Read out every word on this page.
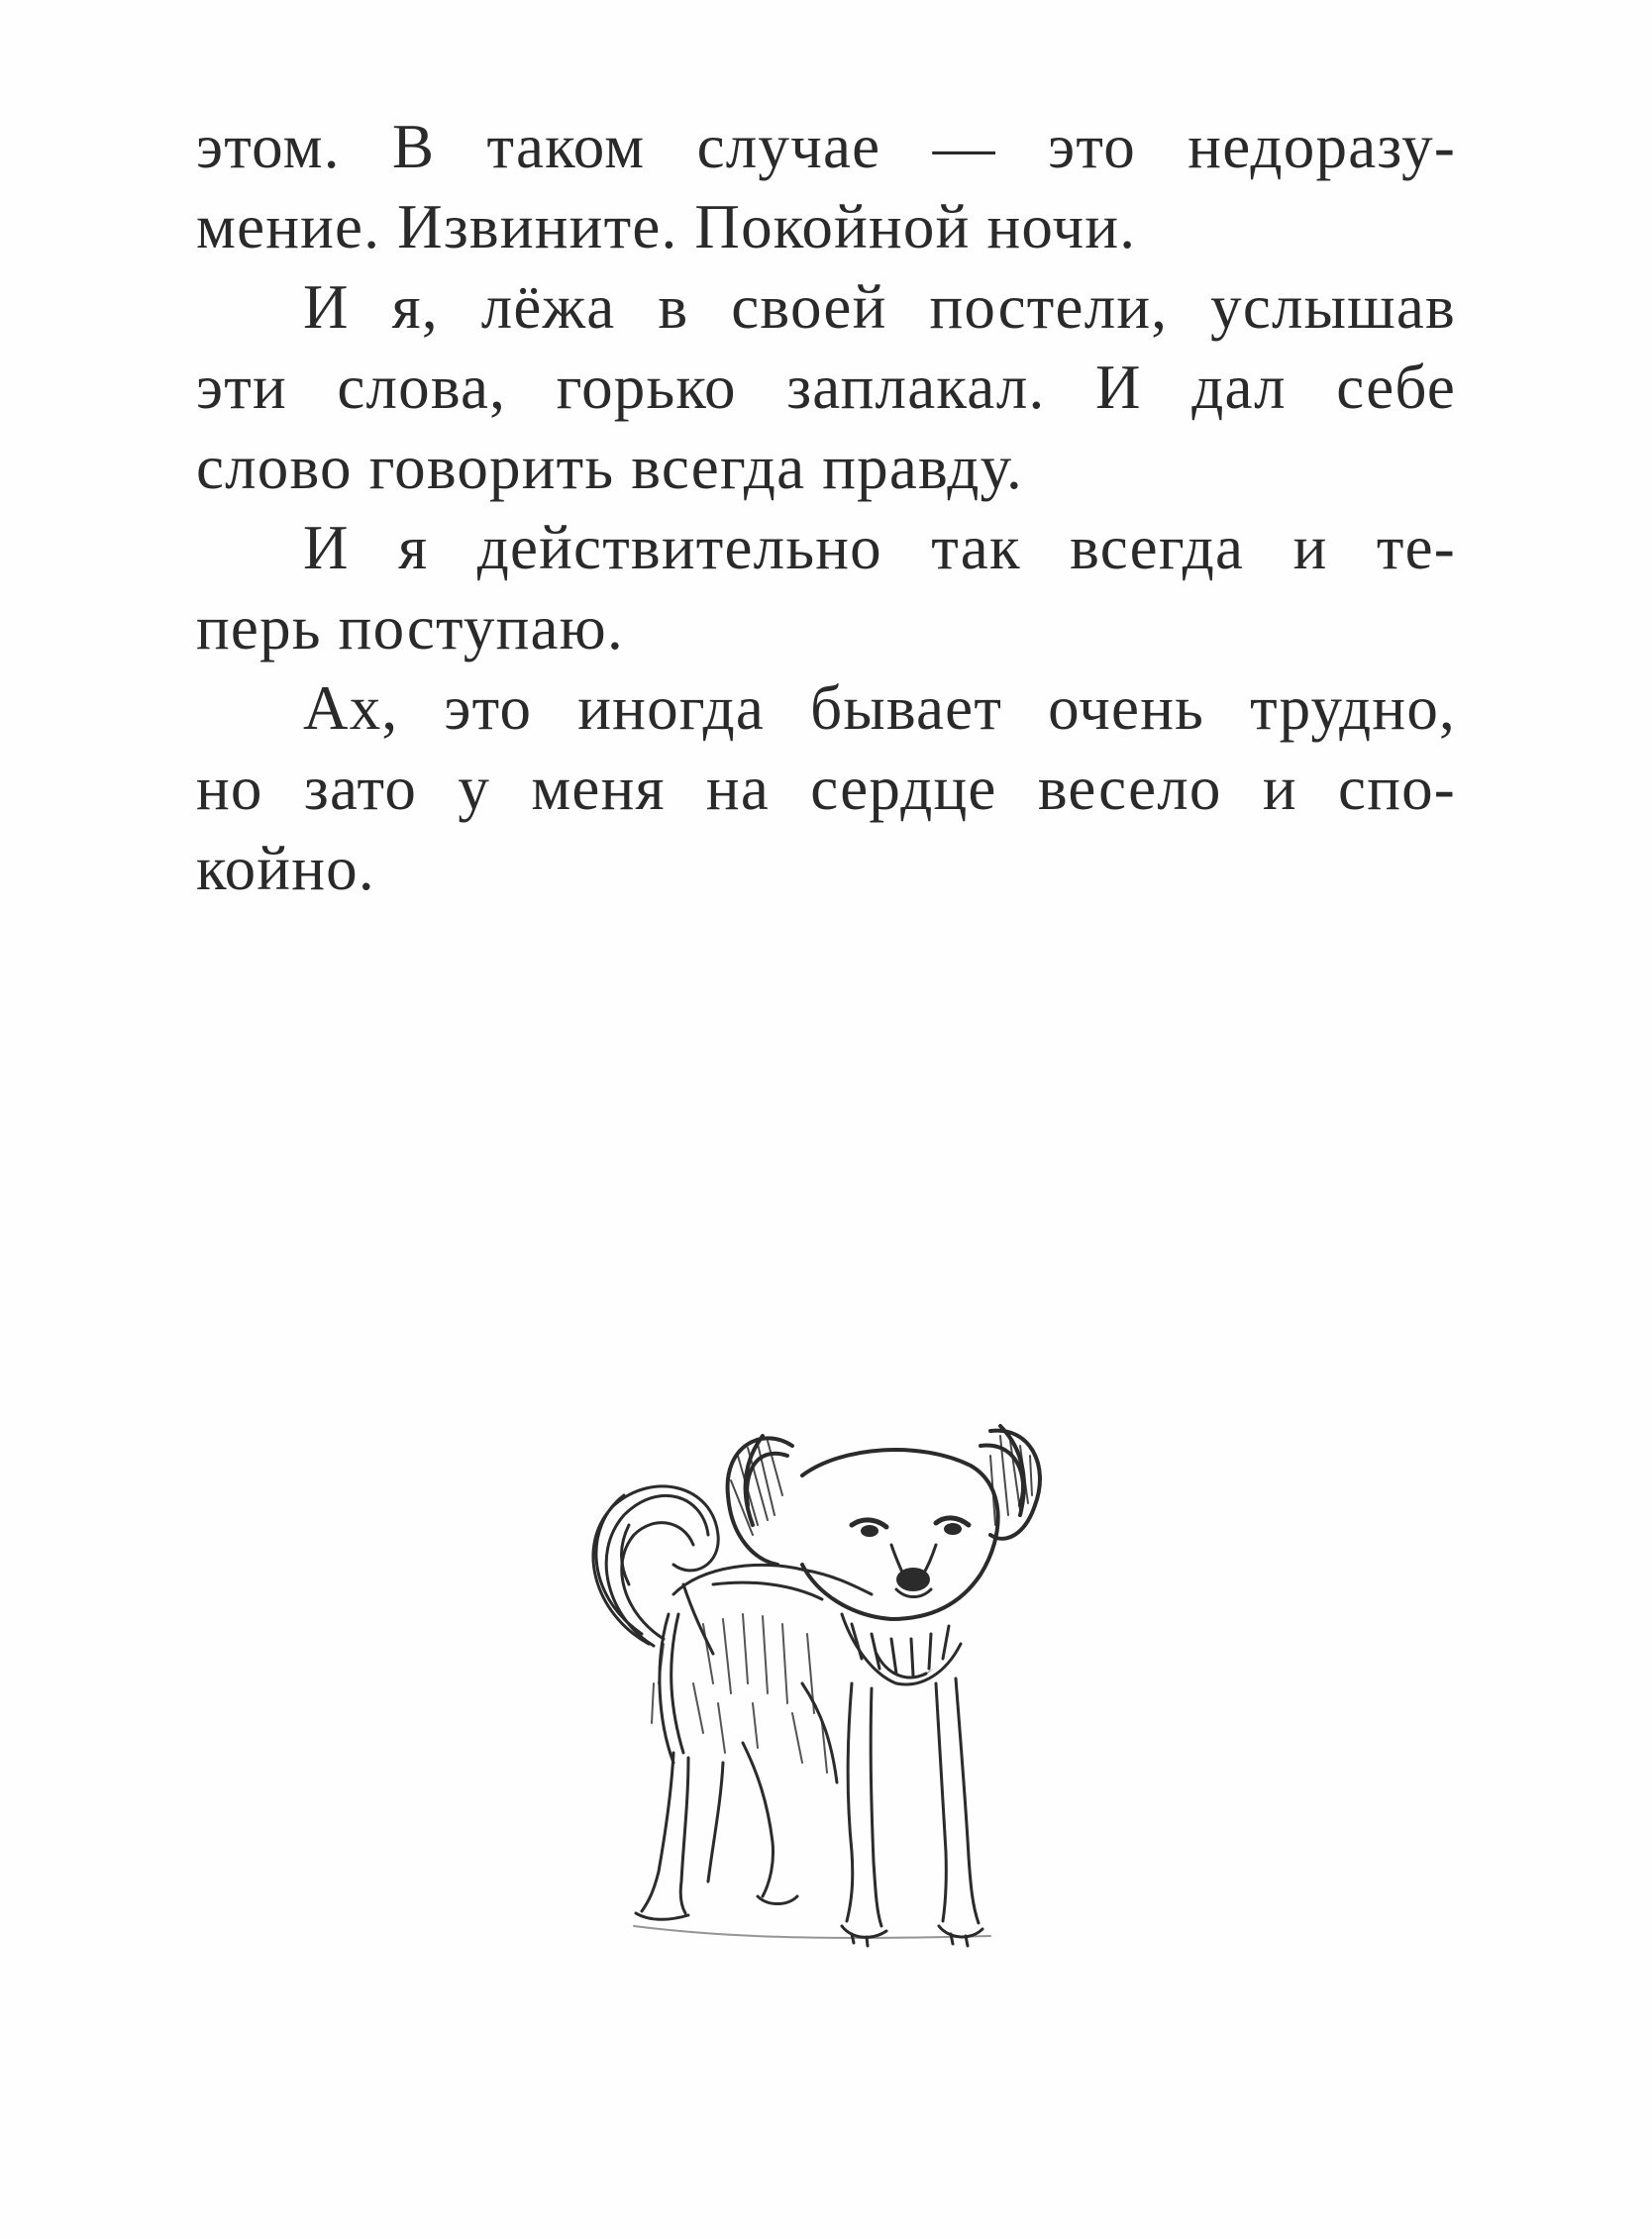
этом. В таком случае — это недоразу-
мение. Извините. Покойной ночи.
И я, лёжа в своей постели, услышав
эти слова, горько заплакал. И дал себе
слово говорить всегда правду.
И я действительно так всегда и те-
перь поступаю.
Ах, это иногда бывает очень трудно,
но зато у меня на сердце весело и спо-
койно.
